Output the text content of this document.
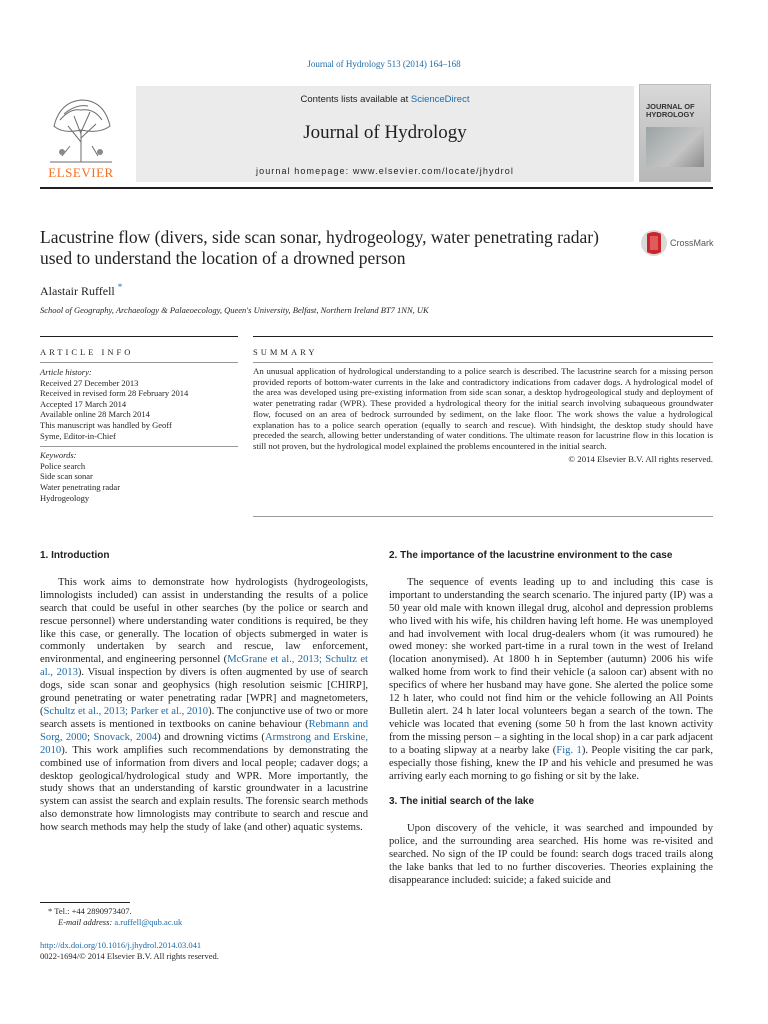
Journal of Hydrology 513 (2014) 164–168
ELSEVIER
Contents lists available at ScienceDirect
Journal of Hydrology
journal homepage: www.elsevier.com/locate/jhydrol
JOURNAL OF
HYDROLOGY
Lacustrine flow (divers, side scan sonar, hydrogeology, water penetrating radar) used to understand the location of a drowned person
CrossMark
Alastair Ruffell *
School of Geography, Archaeology & Palaeoecology, Queen's University, Belfast, Northern Ireland BT7 1NN, UK
ARTICLE INFO	SUMMARY
Article history:
Received 27 December 2013
Received in revised form 28 February 2014
Accepted 17 March 2014
Available online 28 March 2014
This manuscript was handled by Geoff
Syme, Editor-in-Chief
Keywords:
Police search
Side scan sonar
Water penetrating radar
Hydrogeology
An unusual application of hydrological understanding to a police search is described. The lacustrine search for a missing person provided reports of bottom-water currents in the lake and contradictory indications from cadaver dogs. A hydrological model of the area was developed using pre-existing information from side scan sonar, a desktop hydrogeological study and deployment of water penetrating radar (WPR). These provided a hydrological theory for the initial search involving subaqueous groundwater flow, focused on an area of bedrock surrounded by sediment, on the lake floor. The work shows the value a hydrological explanation has to a police search operation (equally to search and rescue). With hindsight, the desktop study should have preceded the search, allowing better understanding of water conditions. The ultimate reason for lacustrine flow in this location is still not proven, but the hydrological model explained the problems encountered in the initial search.
© 2014 Elsevier B.V. All rights reserved.
1. Introduction
This work aims to demonstrate how hydrologists (hydrogeologists, limnologists included) can assist in understanding the results of a police search that could be useful in other searches (by the police or search and rescue personnel) where understanding water conditions is required, be they like this case, or generally. The location of objects submerged in water is commonly undertaken by search and rescue, law enforcement, environmental, and engineering personnel (McGrane et al., 2013; Schultz et al., 2013). Visual inspection by divers is often augmented by use of search dogs, side scan sonar and geophysics (high resolution seismic [CHIRP], ground penetrating or water penetrating radar [WPR] and magnetometers, (Schultz et al., 2013; Parker et al., 2010). The conjunctive use of two or more search assets is mentioned in textbooks on canine behaviour (Rebmann and Sorg, 2000; Snovack, 2004) and drowning victims (Armstrong and Erskine, 2010). This work amplifies such recommendations by demonstrating the combined use of information from divers and local people; cadaver dogs; a desktop geological/hydrological study and WPR. More importantly, the study shows that an understanding of karstic groundwater in a lacustrine system can assist the search and explain results. The forensic search methods also demonstrate how limnologists may contribute to search and rescue and how search methods may help the study of lake (and other) aquatic systems.
2. The importance of the lacustrine environment to the case
The sequence of events leading up to and including this case is important to understanding the search scenario. The injured party (IP) was a 50 year old male with known illegal drug, alcohol and depression problems who lived with his wife, his children having left home. He was unemployed and had involvement with local drug-dealers whom (it was rumoured) he owed money: she worked part-time in a rural town in the west of Ireland (location anonymised). At 1800 h in September (autumn) 2006 his wife walked home from work to find their vehicle (a saloon car) absent with no specifics of where her husband may have gone. She alerted the police some 12 h later, who could not find him or the vehicle following an All Points Bulletin alert. 24 h later local volunteers began a search of the town. The vehicle was located that evening (some 50 h from the last known activity from the missing person – a sighting in the local shop) in a car park adjacent to a boating slipway at a nearby lake (Fig. 1). People visiting the car park, especially those fishing, knew the IP and his vehicle and presumed he was arriving early each morning to go fishing or sit by the lake.
3. The initial search of the lake
Upon discovery of the vehicle, it was searched and impounded by police, and the surrounding area searched. His home was re-visited and searched. No sign of the IP could be found: search dogs traced trails along the lake banks that led to no further discoveries. Theories explaining the disappearance included: suicide; a faked suicide and
* Tel.: +44 2890973407.
E-mail address: a.ruffell@qub.ac.uk
http://dx.doi.org/10.1016/j.jhydrol.2014.03.041
0022-1694/© 2014 Elsevier B.V. All rights reserved.
